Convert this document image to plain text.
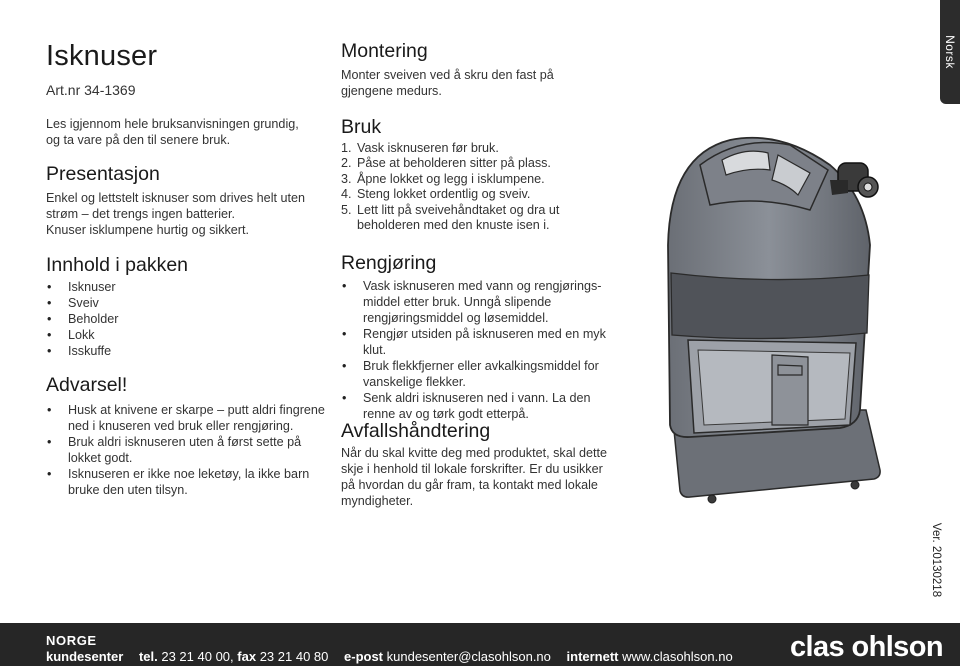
Norsk
Isknuser
Art.nr 34-1369
Les igjennom hele bruksanvisningen grundig,
og ta vare på den til senere bruk.
Presentasjon
Enkel og lettstelt isknuser som drives helt uten
strøm – det trengs ingen batterier.
Knuser isklumpene hurtig og sikkert.
Innhold i pakken
• Isknuser
• Sveiv
• Beholder
• Lokk
• Isskuffe
Advarsel!
• Husk at knivene er skarpe – putt aldri fingrene
ned i knuseren ved bruk eller rengjøring.
• Bruk aldri isknuseren uten å først sette på
lokket godt.
• Isknuseren er ikke noe leketøy, la ikke barn
bruke den uten tilsyn.
Montering
Monter sveiven ved å skru den fast på
gjengene medurs.
Bruk
1. Vask isknuseren før bruk.
2. Påse at beholderen sitter på plass.
3. Åpne lokket og legg i isklumpene.
4. Steng lokket ordentlig og sveiv.
5. Lett litt på sveivehåndtaket og dra ut
beholderen med den knuste isen i.
Rengjøring
• Vask isknuseren med vann og rengjørings-
middel etter bruk. Unngå slipende
rengjøringsmiddel og løsemiddel.
• Rengjør utsiden på isknuseren med en myk klut.
• Bruk flekkfjerner eller avkalkingsmiddel for
vanskelige flekker.
• Senk aldri isknuseren ned i vann. La den
renne av og tørk godt etterpå.
Avfallshåndtering
Når du skal kvitte deg med produktet, skal dette
skje i henhold til lokale forskrifter. Er du usikker
på hvordan du går fram, ta kontakt med lokale
myndigheter.
Ver. 20130218
NORGE
kundesenter tel. 23 21 40 00, fax 23 21 40 80 e-post kundesenter@clasohlson.no internett www.clasohlson.no clas ohlson
